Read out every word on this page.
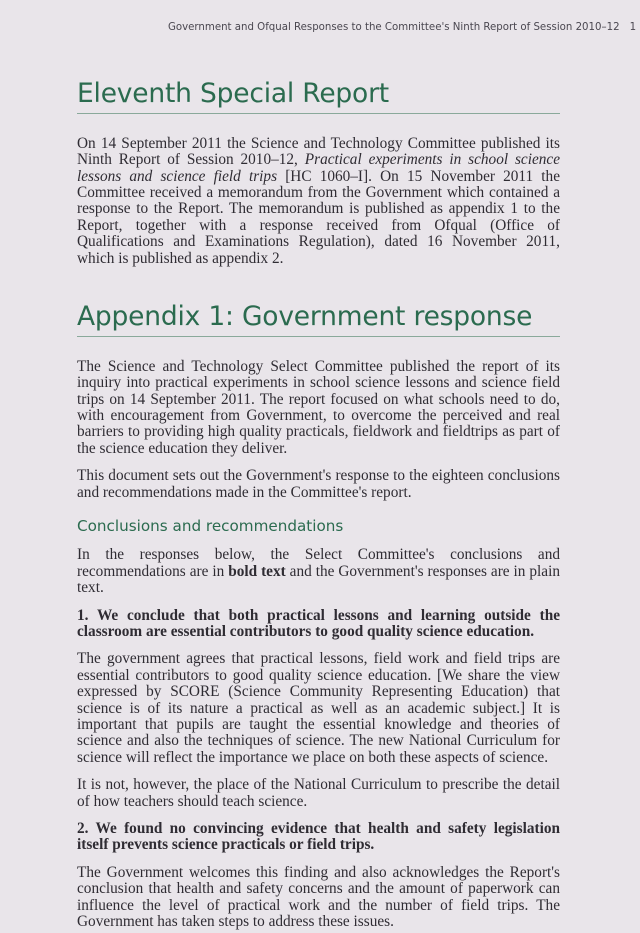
Government and Ofqual Responses to the Committee's Ninth Report of Session 2010–12 1
Eleventh Special Report

On 14 September 2011 the Science and Technology Committee published its Ninth Report of Session 2010–12, Practical experiments in school science lessons and science field trips [HC 1060–I]. On 15 November 2011 the Committee received a memorandum from the Government which contained a response to the Report. The memorandum is published as appendix 1 to the Report, together with a response received from Ofqual (Office of Qualifications and Examinations Regulation), dated 16 November 2011, which is published as appendix 2.

Appendix 1: Government response

The Science and Technology Select Committee published the report of its inquiry into practical experiments in school science lessons and science field trips on 14 September 2011. The report focused on what schools need to do, with encouragement from Government, to overcome the perceived and real barriers to providing high quality practicals, fieldwork and fieldtrips as part of the science education they deliver.

This document sets out the Government's response to the eighteen conclusions and recommendations made in the Committee's report.

Conclusions and recommendations

In the responses below, the Select Committee's conclusions and recommendations are in bold text and the Government's responses are in plain text.

1. We conclude that both practical lessons and learning outside the classroom are essential contributors to good quality science education.

The government agrees that practical lessons, field work and field trips are essential contributors to good quality science education. [We share the view expressed by SCORE (Science Community Representing Education) that science is of its nature a practical as well as an academic subject.] It is important that pupils are taught the essential knowledge and theories of science and also the techniques of science. The new National Curriculum for science will reflect the importance we place on both these aspects of science.

It is not, however, the place of the National Curriculum to prescribe the detail of how teachers should teach science.

2. We found no convincing evidence that health and safety legislation itself prevents science practicals or field trips.

The Government welcomes this finding and also acknowledges the Report's conclusion that health and safety concerns and the amount of paperwork can influence the level of practical work and the number of field trips. The Government has taken steps to address these issues.
